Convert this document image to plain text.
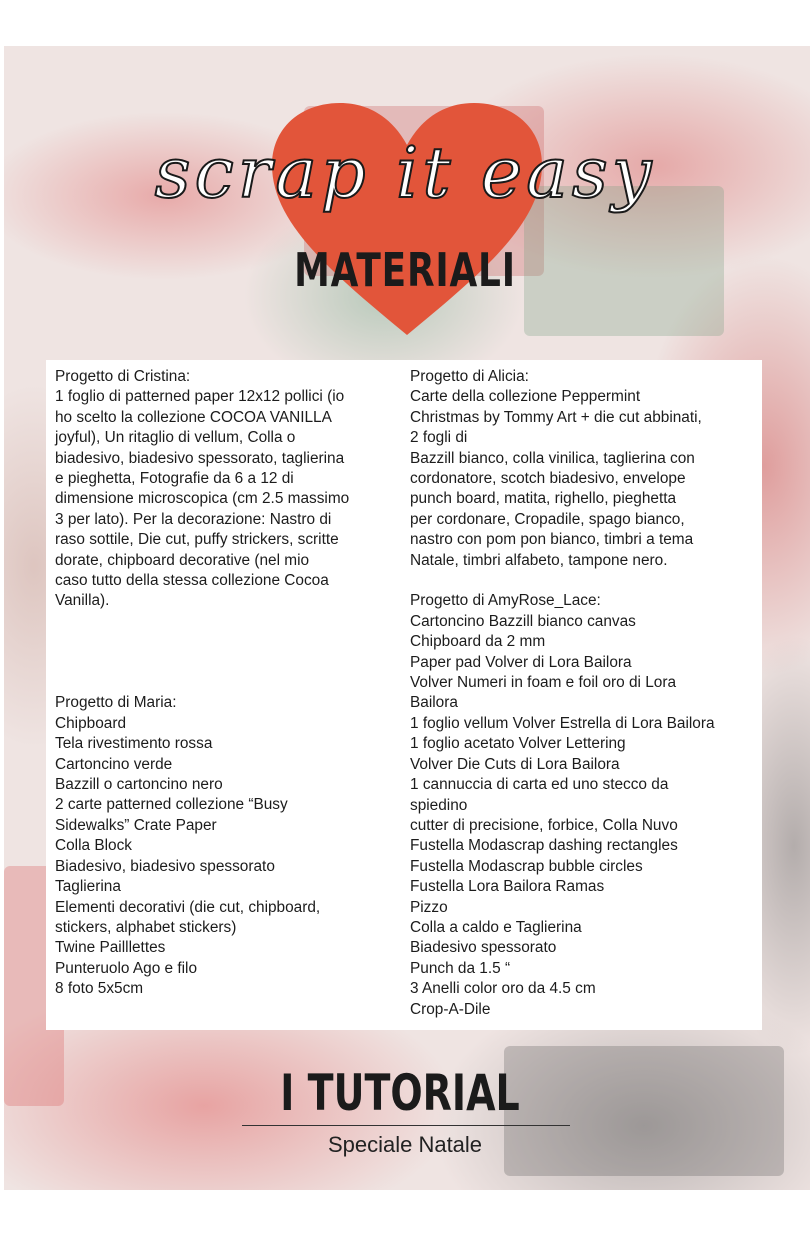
scrap it easy
MATERIALI
Progetto di Cristina:
1 foglio di patterned paper 12x12 pollici (io
ho scelto la collezione COCOA VANILLA
joyful), Un ritaglio di vellum, Colla o
biadesivo, biadesivo spessorato, taglierina
e pieghetta, Fotografie da 6 a 12 di
dimensione microscopica (cm 2.5 massimo
3 per lato). Per la decorazione: Nastro di
raso sottile, Die cut, puffy strickers, scritte
dorate, chipboard decorative (nel mio
caso tutto della stessa collezione Cocoa
Vanilla).
Progetto di Maria:
Chipboard
Tela rivestimento rossa
Cartoncino verde
Bazzill o cartoncino nero
2 carte patterned collezione “Busy
Sidewalks” Crate Paper
Colla Block
Biadesivo, biadesivo spessorato
Taglierina
Elementi decorativi (die cut, chipboard,
stickers, alphabet stickers)
Twine Pailllettes
Punteruolo Ago e filo
8 foto 5x5cm
Progetto di Alicia:
Carte della collezione Peppermint
Christmas by Tommy Art + die cut abbinati,
2 fogli di
Bazzill bianco, colla vinilica, taglierina con
cordonatore, scotch biadesivo, envelope
punch board, matita, righello, pieghetta
per cordonare, Cropadile, spago bianco,
nastro con pom pon bianco, timbri a tema
Natale, timbri alfabeto, tampone nero.
Progetto di AmyRose_Lace:
Cartoncino Bazzill bianco canvas
Chipboard da 2 mm
Paper pad Volver di Lora Bailora
Volver Numeri in foam e foil oro di Lora
Bailora
1 foglio vellum Volver Estrella di Lora Bailora
1 foglio acetato Volver Lettering
Volver Die Cuts di Lora Bailora
1 cannuccia di carta ed uno stecco da
spiedino
cutter di precisione, forbice, Colla Nuvo
Fustella Modascrap dashing rectangles
Fustella Modascrap bubble circles
Fustella Lora Bailora Ramas
Pizzo
Colla a caldo e Taglierina
Biadesivo spessorato
Punch da 1.5 “
3 Anelli color oro da 4.5 cm
Crop-A-Dile
I TUTORIAL
Speciale Natale
